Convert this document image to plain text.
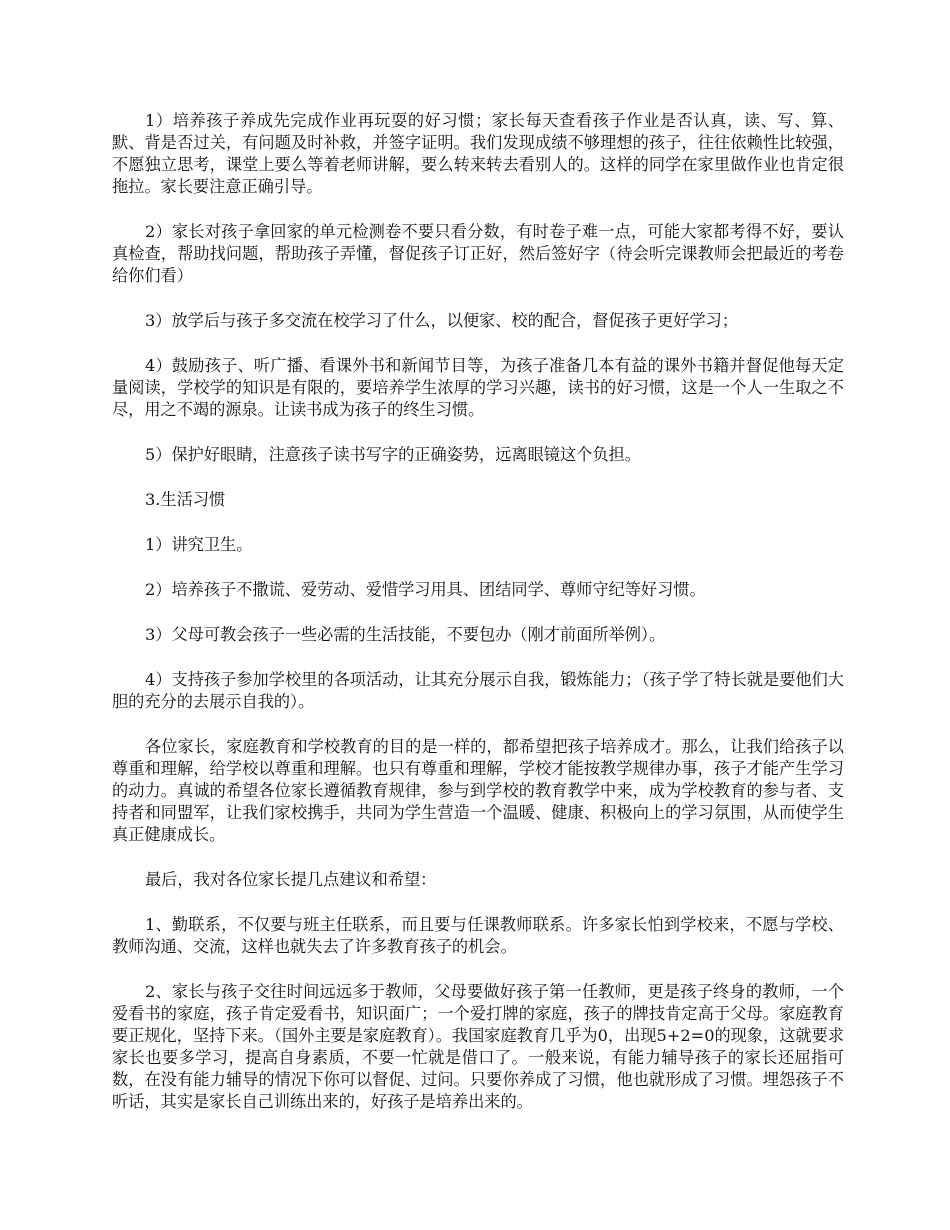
1）培养孩子养成先完成作业再玩耍的好习惯；家长每天查看孩子作业是否认真，读、写、算、默、背是否过关，有问题及时补救，并签字证明。我们发现成绩不够理想的孩子，往往依赖性比较强，不愿独立思考，课堂上要么等着老师讲解，要么转来转去看别人的。这样的同学在家里做作业也肯定很拖拉。家长要注意正确引导。

2）家长对孩子拿回家的单元检测卷不要只看分数，有时卷子难一点，可能大家都考得不好，要认真检查，帮助找问题，帮助孩子弄懂，督促孩子订正好，然后签好字（待会听完课教师会把最近的考卷给你们看）

3）放学后与孩子多交流在校学习了什么，以便家、校的配合，督促孩子更好学习；

4）鼓励孩子、听广播、看课外书和新闻节目等，为孩子准备几本有益的课外书籍并督促他每天定量阅读，学校学的知识是有限的，要培养学生浓厚的学习兴趣，读书的好习惯，这是一个人一生取之不尽，用之不竭的源泉。让读书成为孩子的终生习惯。

5）保护好眼睛，注意孩子读书写字的正确姿势，远离眼镜这个负担。

3.生活习惯

1）讲究卫生。

2）培养孩子不撒谎、爱劳动、爱惜学习用具、团结同学、尊师守纪等好习惯。

3）父母可教会孩子一些必需的生活技能，不要包办（刚才前面所举例）。

4）支持孩子参加学校里的各项活动，让其充分展示自我，锻炼能力；（孩子学了特长就是要他们大胆的充分的去展示自我的）。

各位家长，家庭教育和学校教育的目的是一样的，都希望把孩子培养成才。那么，让我们给孩子以尊重和理解，给学校以尊重和理解。也只有尊重和理解，学校才能按教学规律办事，孩子才能产生学习的动力。真诚的希望各位家长遵循教育规律，参与到学校的教育教学中来，成为学校教育的参与者、支持者和同盟军，让我们家校携手，共同为学生营造一个温暖、健康、积极向上的学习氛围，从而使学生真正健康成长。

最后，我对各位家长提几点建议和希望：

1、勤联系，不仅要与班主任联系，而且要与任课教师联系。许多家长怕到学校来，不愿与学校、教师沟通、交流，这样也就失去了许多教育孩子的机会。

2、家长与孩子交往时间远远多于教师，父母要做好孩子第一任教师，更是孩子终身的教师，一个爱看书的家庭，孩子肯定爱看书，知识面广；一个爱打牌的家庭，孩子的牌技肯定高于父母。家庭教育要正规化，坚持下来。（国外主要是家庭教育）。我国家庭教育几乎为0，出现5+2=0的现象，这就要求家长也要多学习，提高自身素质，不要一忙就是借口了。一般来说，有能力辅导孩子的家长还屈指可数，在没有能力辅导的情况下你可以督促、过问。只要你养成了习惯，他也就形成了习惯。埋怨孩子不听话，其实是家长自己训练出来的，好孩子是培养出来的。
